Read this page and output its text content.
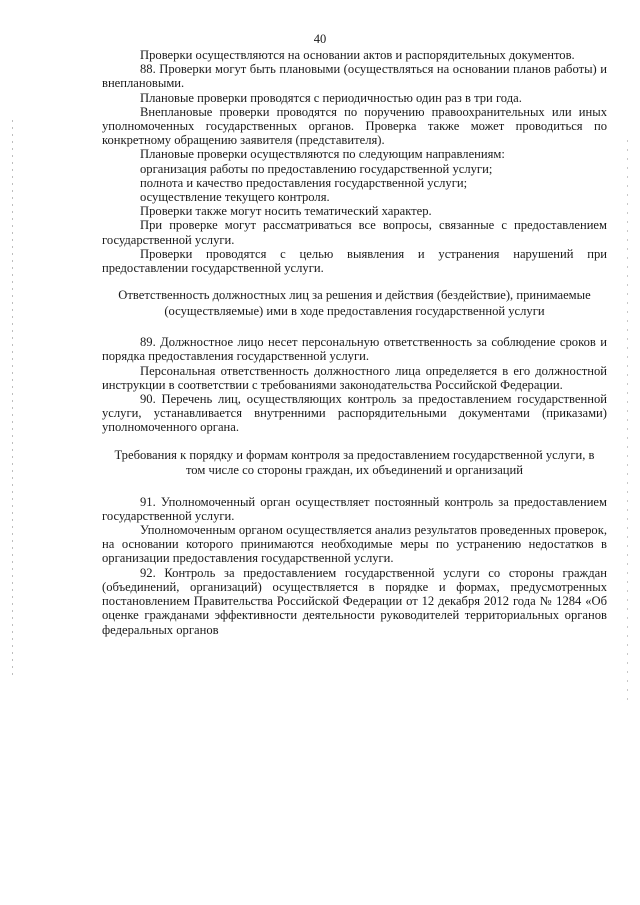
40

Проверки осуществляются на основании актов и распорядительных документов.

88. Проверки могут быть плановыми (осуществляться на основании планов работы) и внеплановыми.

Плановые проверки проводятся с периодичностью один раз в три года.

Внеплановые проверки проводятся по поручению правоохранительных или иных уполномоченных государственных органов. Проверка также может проводиться по конкретному обращению заявителя (представителя).

Плановые проверки осуществляются по следующим направлениям:

организация работы по предоставлению государственной услуги;

полнота и качество предоставления государственной услуги;

осуществление текущего контроля.

Проверки также могут носить тематический характер.

При проверке могут рассматриваться все вопросы, связанные с предоставлением государственной услуги.

Проверки проводятся с целью выявления и устранения нарушений при предоставлении государственной услуги.

Ответственность должностных лиц за решения и действия (бездействие), принимаемые (осуществляемые) ими в ходе предоставления государственной услуги

89. Должностное лицо несет персональную ответственность за соблюдение сроков и порядка предоставления государственной услуги.

Персональная ответственность должностного лица определяется в его должностной инструкции в соответствии с требованиями законодательства Российской Федерации.

90. Перечень лиц, осуществляющих контроль за предоставлением государственной услуги, устанавливается внутренними распорядительными документами (приказами) уполномоченного органа.

Требования к порядку и формам контроля за предоставлением государственной услуги, в том числе со стороны граждан, их объединений и организаций

91. Уполномоченный орган осуществляет постоянный контроль за предоставлением государственной услуги.

Уполномоченным органом осуществляется анализ результатов проведенных проверок, на основании которого принимаются необходимые меры по устранению недостатков в организации предоставления государственной услуги.

92. Контроль за предоставлением государственной услуги со стороны граждан (объединений, организаций) осуществляется в порядке и формах, предусмотренных постановлением Правительства Российской Федерации от 12 декабря 2012 года № 1284 «Об оценке гражданами эффективности деятельности руководителей территориальных органов федеральных органов
